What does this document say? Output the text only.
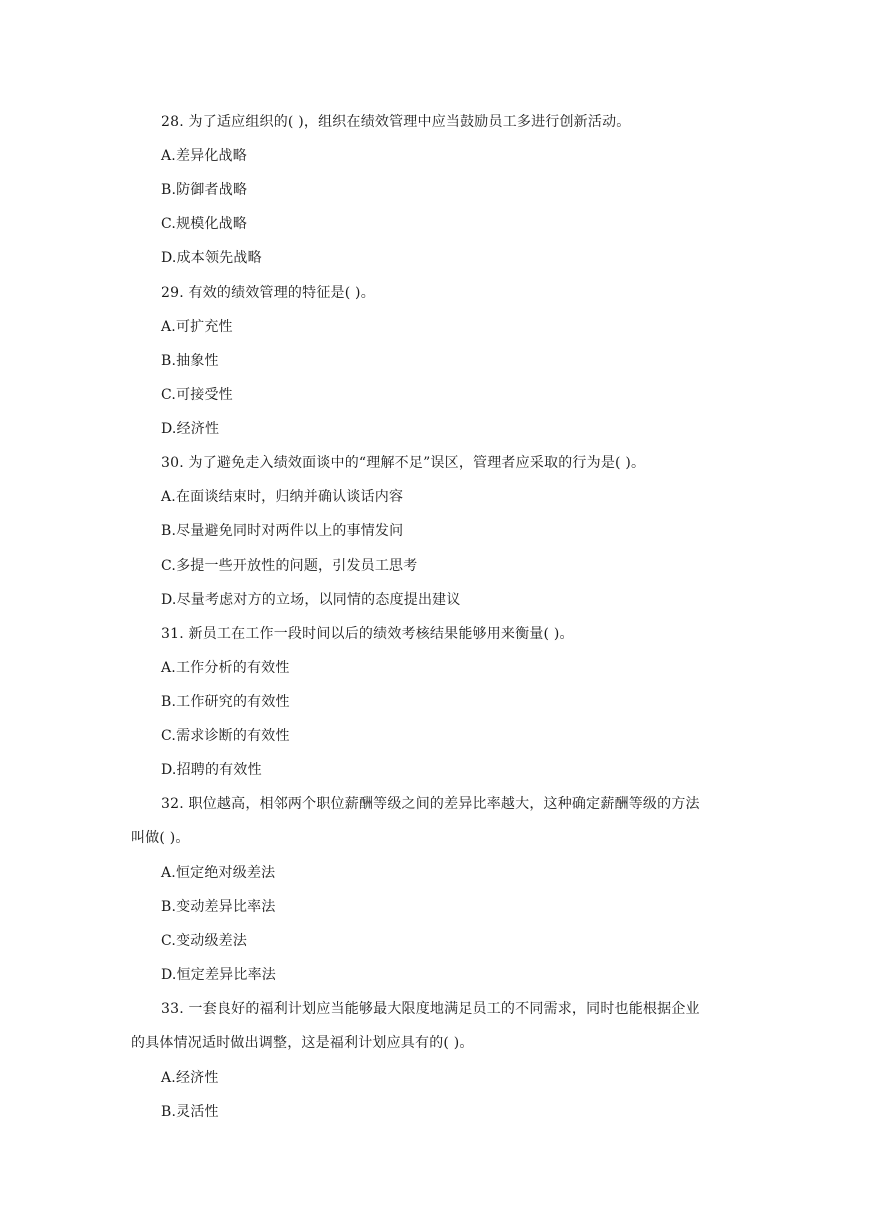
28. 为了适应组织的( )，组织在绩效管理中应当鼓励员工多进行创新活动。
A.差异化战略
B.防御者战略
C.规模化战略
D.成本领先战略
29. 有效的绩效管理的特征是( )。
A.可扩充性
B.抽象性
C.可接受性
D.经济性
30. 为了避免走入绩效面谈中的“理解不足”误区，管理者应采取的行为是( )。
A.在面谈结束时，归纳并确认谈话内容
B.尽量避免同时对两件以上的事情发问
C.多提一些开放性的问题，引发员工思考
D.尽量考虑对方的立场，以同情的态度提出建议
31. 新员工在工作一段时间以后的绩效考核结果能够用来衡量( )。
A.工作分析的有效性
B.工作研究的有效性
C.需求诊断的有效性
D.招聘的有效性
32. 职位越高，相邻两个职位薪酬等级之间的差异比率越大，这种确定薪酬等级的方法
叫做( )。
A.恒定绝对级差法
B.变动差异比率法
C.变动级差法
D.恒定差异比率法
33. 一套良好的福利计划应当能够最大限度地满足员工的不同需求，同时也能根据企业
的具体情况适时做出调整，这是福利计划应具有的( )。
A.经济性
B.灵活性
